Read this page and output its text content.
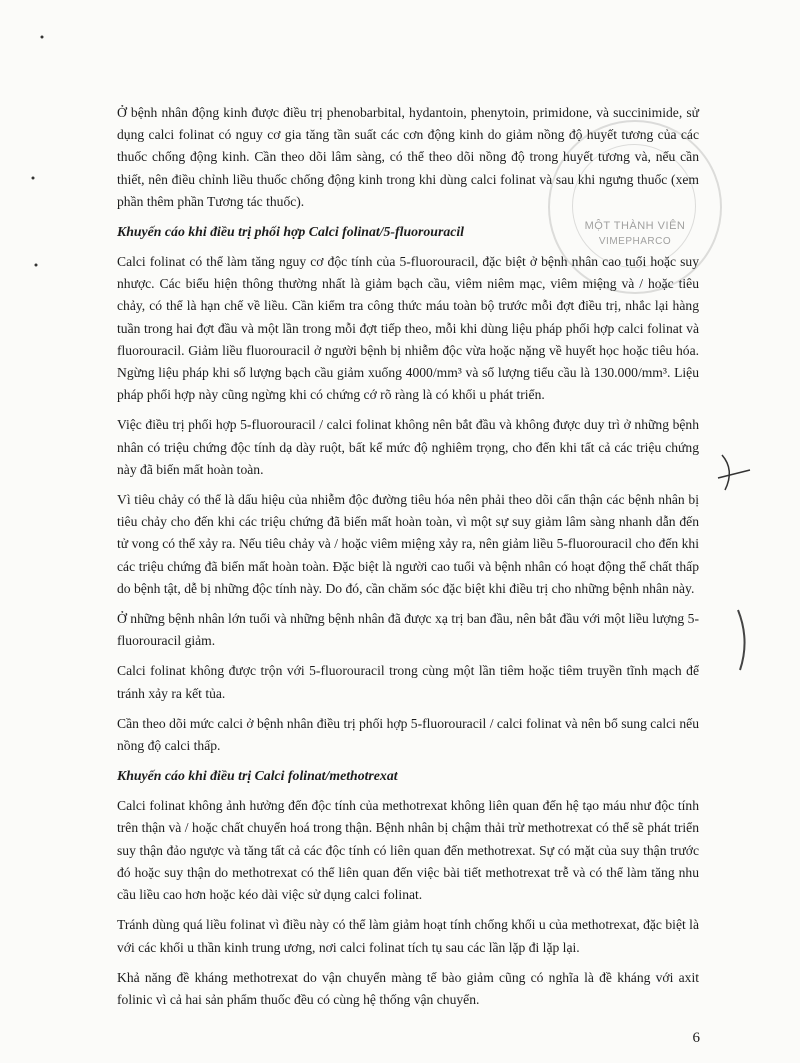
MỘT THÀNH VIÊN
VIMEPHARCO

Ở bệnh nhân động kinh được điều trị phenobarbital, hydantoin, phenytoin, primidone, và succinimide, sử dụng calci folinat có nguy cơ gia tăng tần suất các cơn động kinh do giảm nồng độ huyết tương của các thuốc chống động kinh. Cần theo dõi lâm sàng, có thể theo dõi nồng độ trong huyết tương và, nếu cần thiết, nên điều chỉnh liều thuốc chống động kinh trong khi dùng calci folinat và sau khi ngưng thuốc (xem phần thêm phần Tương tác thuốc).

Khuyến cáo khi điều trị phối hợp Calci folinat/5-fluorouracil

Calci folinat có thể làm tăng nguy cơ độc tính của 5-fluorouracil, đặc biệt ở bệnh nhân cao tuổi hoặc suy nhược. Các biểu hiện thông thường nhất là giảm bạch cầu, viêm niêm mạc, viêm miệng và / hoặc tiêu chảy, có thể là hạn chế về liều. Cần kiểm tra công thức máu toàn bộ trước mỗi đợt điều trị, nhắc lại hàng tuần trong hai đợt đầu và một lần trong mỗi đợt tiếp theo, mỗi khi dùng liệu pháp phối hợp calci folinat và fluorouracil. Giảm liều fluorouracil ở người bệnh bị nhiễm độc vừa hoặc nặng về huyết học hoặc tiêu hóa. Ngừng liệu pháp khi số lượng bạch cầu giảm xuống 4000/mm³ và số lượng tiểu cầu là 130.000/mm³. Liệu pháp phối hợp này cũng ngừng khi có chứng cớ rõ ràng là có khối u phát triển.

Việc điều trị phối hợp 5-fluorouracil / calci folinat không nên bắt đầu và không được duy trì ở những bệnh nhân có triệu chứng độc tính dạ dày ruột, bất kể mức độ nghiêm trọng, cho đến khi tất cả các triệu chứng này đã biến mất hoàn toàn.

Vì tiêu chảy có thể là dấu hiệu của nhiễm độc đường tiêu hóa nên phải theo dõi cẩn thận các bệnh nhân bị tiêu chảy cho đến khi các triệu chứng đã biến mất hoàn toàn, vì một sự suy giảm lâm sàng nhanh dẫn đến tử vong có thể xảy ra. Nếu tiêu chảy và / hoặc viêm miệng xảy ra, nên giảm liều 5-fluorouracil cho đến khi các triệu chứng đã biến mất hoàn toàn. Đặc biệt là người cao tuổi và bệnh nhân có hoạt động thể chất thấp do bệnh tật, dễ bị những độc tính này. Do đó, cần chăm sóc đặc biệt khi điều trị cho những bệnh nhân này.

Ở những bệnh nhân lớn tuổi và những bệnh nhân đã được xạ trị ban đầu, nên bắt đầu với một liều lượng 5-fluorouracil giảm.

Calci folinat không được trộn với 5-fluorouracil trong cùng một lần tiêm hoặc tiêm truyền tĩnh mạch để tránh xảy ra kết tủa.

Cần theo dõi mức calci ở bệnh nhân điều trị phối hợp 5-fluorouracil / calci folinat và nên bổ sung calci nếu nồng độ calci thấp.

Khuyến cáo khi điều trị Calci folinat/methotrexat

Calci folinat không ảnh hưởng đến độc tính của methotrexat không liên quan đến hệ tạo máu như độc tính trên thận và / hoặc chất chuyển hoá trong thận. Bệnh nhân bị chậm thải trừ methotrexat có thể sẽ phát triển suy thận đảo ngược và tăng tất cả các độc tính có liên quan đến methotrexat. Sự có mặt của suy thận trước đó hoặc suy thận do methotrexat có thể liên quan đến việc bài tiết methotrexat trễ và có thể làm tăng nhu cầu liều cao hơn hoặc kéo dài việc sử dụng calci folinat.

Tránh dùng quá liều folinat vì điều này có thể làm giảm hoạt tính chống khối u của methotrexat, đặc biệt là với các khối u thần kinh trung ương, nơi calci folinat tích tụ sau các lần lặp đi lặp lại.

Khả năng đề kháng methotrexat do vận chuyển màng tế bào giảm cũng có nghĩa là đề kháng với axit folinic vì cả hai sản phẩm thuốc đều có cùng hệ thống vận chuyển.

6
